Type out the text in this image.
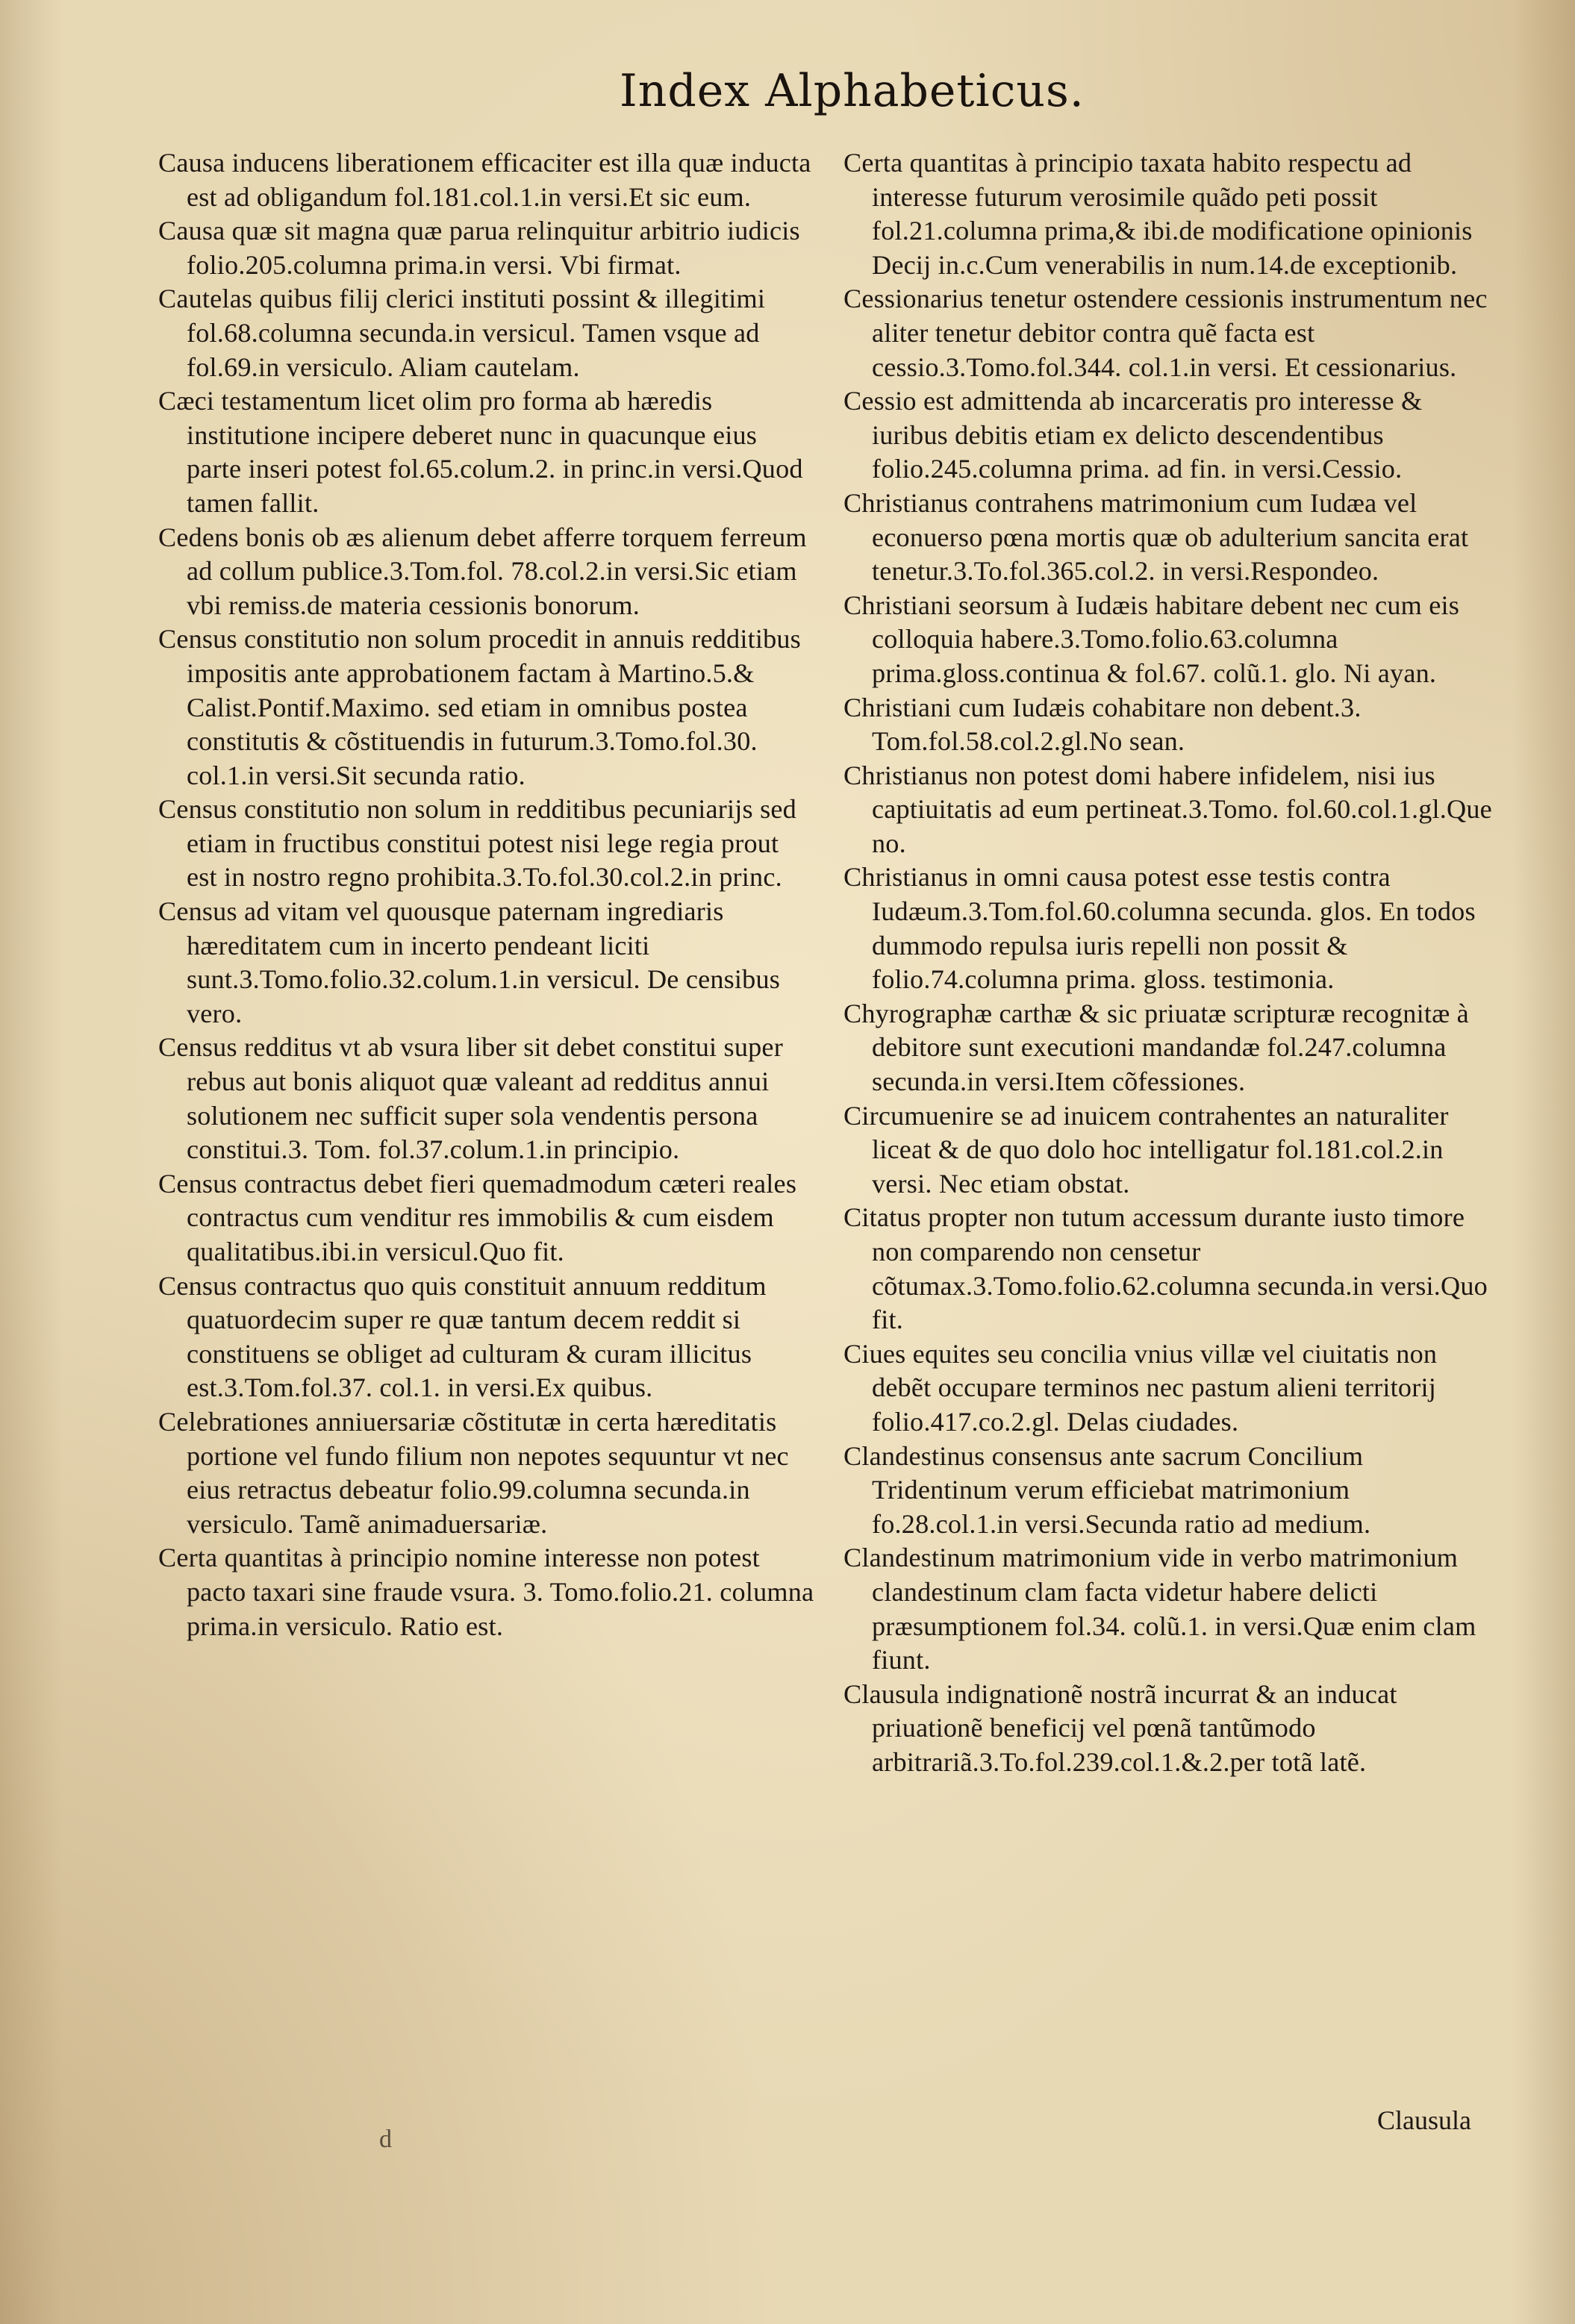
Index Alphabeticus.
Causa inducens liberationem efficaciter est illa quæ inducta est ad obligandum fol.181.col.1.in versi.Et sic eum.
Causa quæ sit magna quæ parua relinquitur arbitrio iudicis folio.205.columna prima.in versi. Vbi firmat.
Cautelas quibus filij clerici instituti possint & illegitimi fol.68.columna secunda.in versicul. Tamen vsque ad fol.69.in versiculo. Aliam cautelam.
Cæci testamentum licet olim pro forma ab hæredis institutione incipere deberet nunc in quacunque eius parte inseri potest fol.65.colum.2. in princ.in versi.Quod tamen fallit.
Cedens bonis ob æs alienum debet afferre torquem ferreum ad collum publice.3.Tom.fol. 78.col.2.in versi.Sic etiam vbi remiss.de materia cessionis bonorum.
Census constitutio non solum procedit in annuis redditibus impositis ante approbationem factam à Martino.5.& Calist.Pontif.Maximo. sed etiam in omnibus postea constitutis & cõstituendis in futurum.3.Tomo.fol.30. col.1.in versi.Sit secunda ratio.
Census constitutio non solum in redditibus pecuniarijs sed etiam in fructibus constitui potest nisi lege regia prout est in nostro regno prohibita.3.To.fol.30.col.2.in princ.
Census ad vitam vel quousque paternam ingrediaris hæreditatem cum in incerto pendeant liciti sunt.3.Tomo.folio.32.colum.1.in versicul. De censibus vero.
Census redditus vt ab vsura liber sit debet constitui super rebus aut bonis aliquot quæ valeant ad redditus annui solutionem nec sufficit super sola vendentis persona constitui.3. Tom. fol.37.colum.1.in principio.
Census contractus debet fieri quemadmodum cæteri reales contractus cum venditur res immobilis & cum eisdem qualitatibus.ibi.in versicul.Quo fit.
Census contractus quo quis constituit annuum redditum quatuordecim super re quæ tantum decem reddit si constituens se obliget ad culturam & curam illicitus est.3.Tom.fol.37. col.1. in versi.Ex quibus.
Celebrationes anniuersariæ cõstitutæ in certa hæreditatis portione vel fundo filium non nepotes sequuntur vt nec eius retractus debeatur folio.99.columna secunda.in versiculo. Tamẽ animaduersariæ.
Certa quantitas à principio nomine interesse non potest pacto taxari sine fraude vsura. 3. Tomo.folio.21. columna prima.in versiculo. Ratio est.
Certa quantitas à principio taxata habito respectu ad interesse futurum verosimile quãdo peti possit fol.21.columna prima,& ibi.de modificatione opinionis Decij in.c.Cum venerabilis in num.14.de exceptionib.
Cessionarius tenetur ostendere cessionis instrumentum nec aliter tenetur debitor contra quẽ facta est cessio.3.Tomo.fol.344. col.1.in versi. Et cessionarius.
Cessio est admittenda ab incarceratis pro interesse & iuribus debitis etiam ex delicto descendentibus folio.245.columna prima. ad fin. in versi.Cessio.
Christianus contrahens matrimonium cum Iudæa vel econuerso pœna mortis quæ ob adulterium sancita erat tenetur.3.To.fol.365.col.2. in versi.Respondeo.
Christiani seorsum à Iudæis habitare debent nec cum eis colloquia habere.3.Tomo.folio.63.columna prima.gloss.continua & fol.67. colũ.1. glo. Ni ayan.
Christiani cum Iudæis cohabitare non debent.3. Tom.fol.58.col.2.gl.No sean.
Christianus non potest domi habere infidelem, nisi ius captiuitatis ad eum pertineat.3.Tomo. fol.60.col.1.gl.Que no.
Christianus in omni causa potest esse testis contra Iudæum.3.Tom.fol.60.columna secunda. glos. En todos dummodo repulsa iuris repelli non possit & folio.74.columna prima. gloss. testimonia.
Chyrographæ carthæ & sic priuatæ scripturæ recognitæ à debitore sunt executioni mandandæ fol.247.columna secunda.in versi.Item cõfessiones.
Circumuenire se ad inuicem contrahentes an naturaliter liceat & de quo dolo hoc intelligatur fol.181.col.2.in versi. Nec etiam obstat.
Citatus propter non tutum accessum durante iusto timore non comparendo non censetur cõtumax.3.Tomo.folio.62.columna secunda.in versi.Quo fit.
Ciues equites seu concilia vnius villæ vel ciuitatis non debẽt occupare terminos nec pastum alieni territorij folio.417.co.2.gl. Delas ciudades.
Clandestinus consensus ante sacrum Concilium Tridentinum verum efficiebat matrimonium fo.28.col.1.in versi.Secunda ratio ad medium.
Clandestinum matrimonium vide in verbo matrimonium clandestinum clam facta videtur habere delicti præsumptionem fol.34. colũ.1. in versi.Quæ enim clam fiunt.
Clausula indignationẽ nostrã incurrat & an inducat priuationẽ beneficij vel pœnã tantũmodo arbitrariã.3.To.fol.239.col.1.&.2.per totã latẽ.
d
Clausula
